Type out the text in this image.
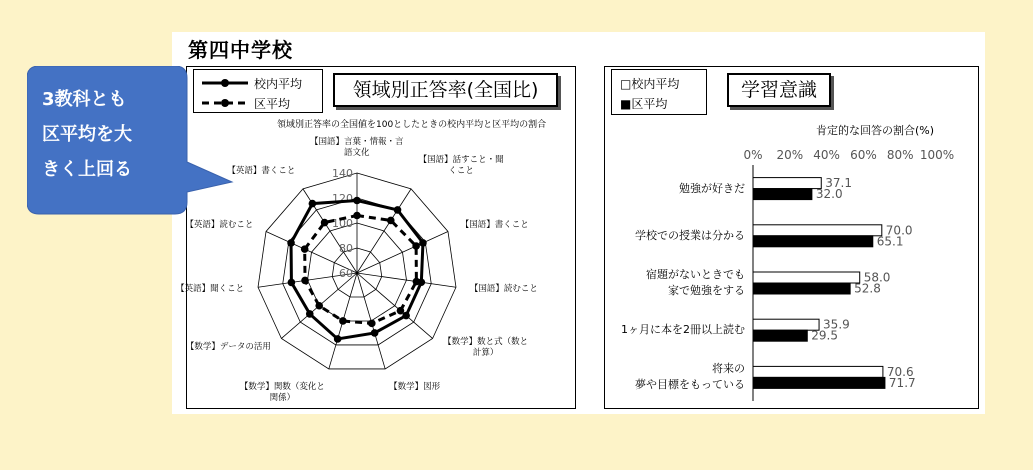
第四中学校
校内平均
区平均
領域別正答率(全国比)
領域別正答率の全国値を100としたときの校内平均と区平均の割合
60
80
100
120
140
【国語】言葉・情報・言
語文化
【国語】話すこと・聞
くこと
【国語】書くこと
【国語】読むこと
【数学】数と式（数と
計算）
【数学】図形
【数学】関数（変化と
関係）
【数学】データの活用
【英語】聞くこと
【英語】読むこと
【英語】書くこと
□校内平均
■区平均
学習意識
肯定的な回答の割合(%)
0% 20% 40% 60% 80% 100%
37.1
32.0
70.0
65.1
58.0
52.8
35.9
29.5
70.6
71.7
勉強が好きだ
学校での授業は分かる
宿題がないときでも
家で勉強をする
1ヶ月に本を2冊以上読む
将来の
夢や目標をもっている
3教科とも
区平均を大
きく上回る
